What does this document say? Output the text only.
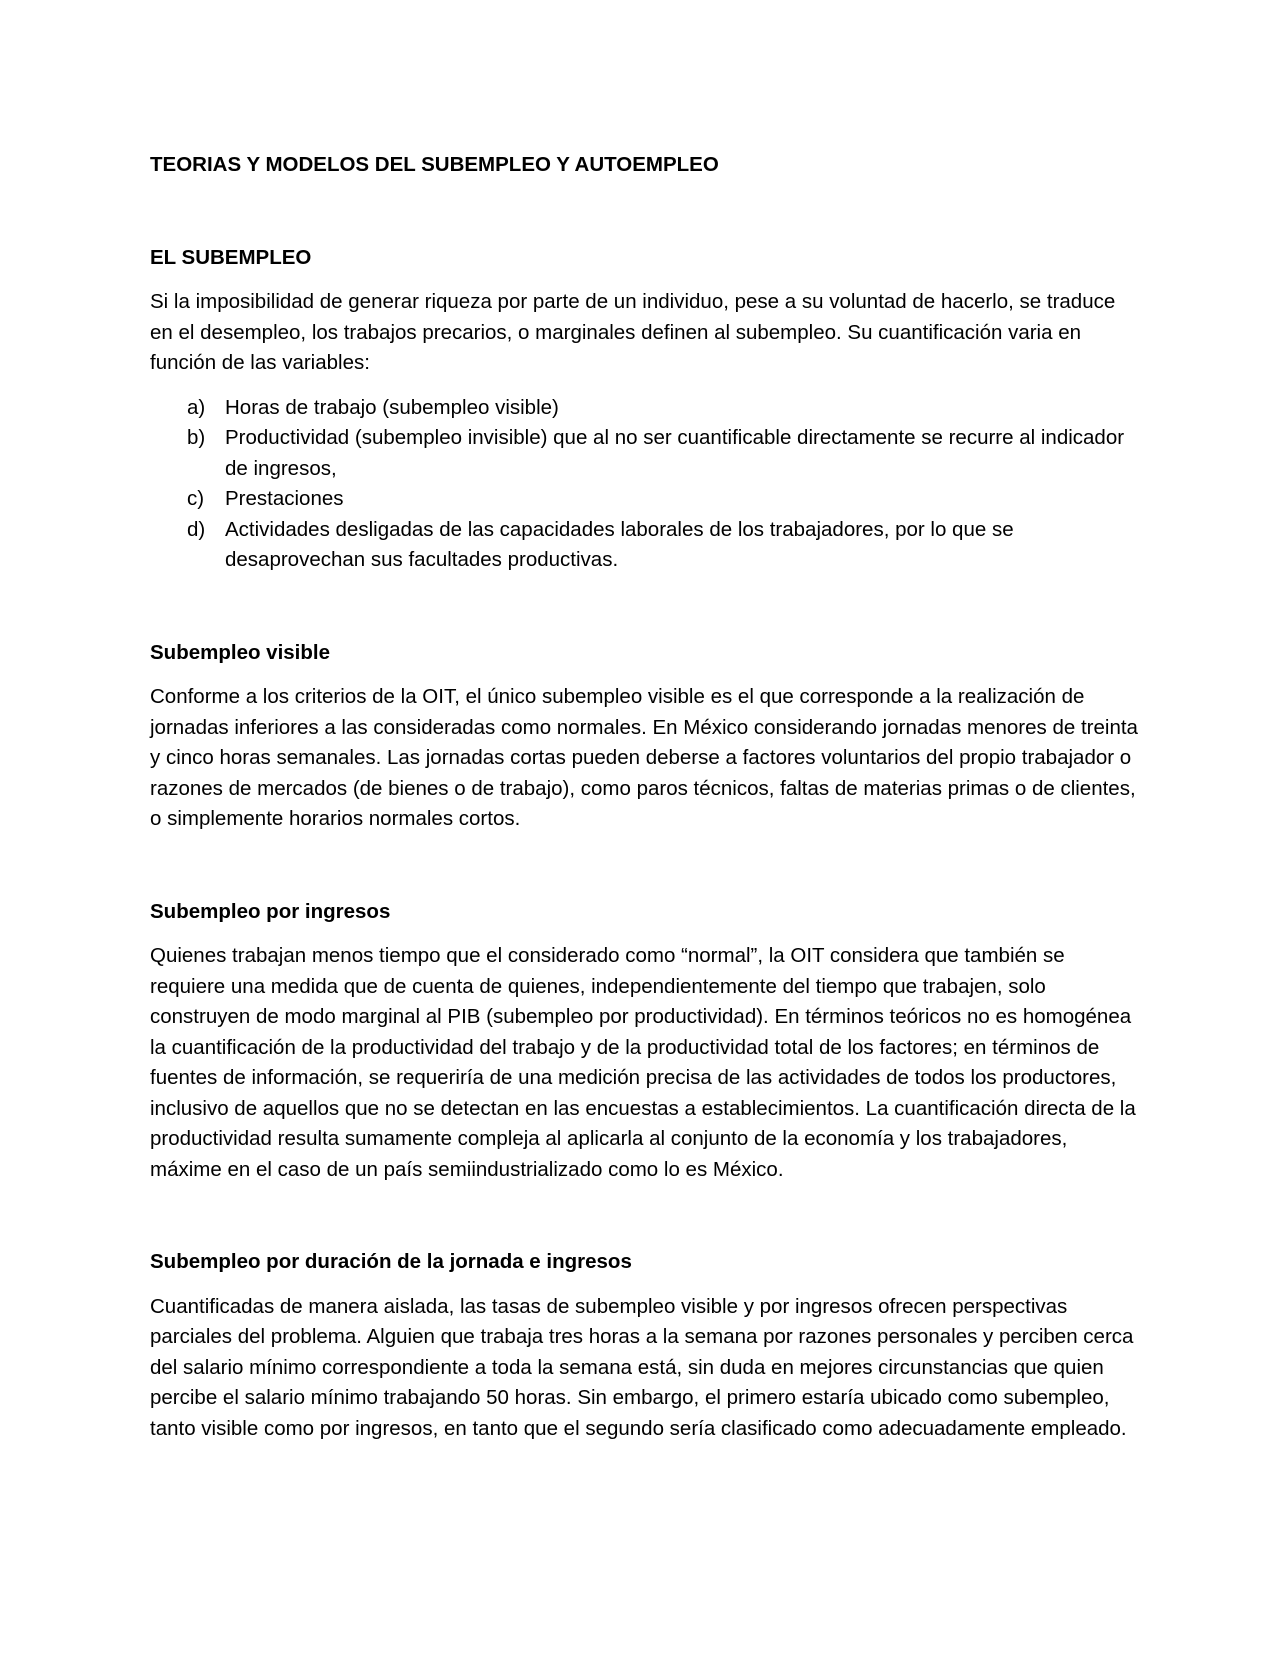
TEORIAS Y MODELOS DEL SUBEMPLEO Y AUTOEMPLEO

EL SUBEMPLEO

Si la imposibilidad de generar riqueza por parte de un individuo, pese a su voluntad de hacerlo, se traduce en el desempleo, los trabajos precarios, o marginales definen al subempleo. Su cuantificación varia en función de las variables:

a) Horas de trabajo (subempleo visible)
b) Productividad (subempleo invisible) que al no ser cuantificable directamente se recurre al indicador de ingresos,
c)	Prestaciones
d) Actividades desligadas de las capacidades laborales de los trabajadores, por lo que se desaprovechan sus facultades productivas.

Subempleo visible

Conforme a los criterios de la OIT, el único subempleo visible es el que corresponde a la realización de jornadas inferiores a las consideradas como normales. En México considerando jornadas menores de treinta y cinco horas semanales. Las jornadas cortas pueden deberse a factores voluntarios del propio trabajador o razones de mercados (de bienes o de trabajo), como paros técnicos, faltas de materias primas o de clientes, o simplemente horarios normales cortos.

Subempleo por ingresos

Quienes trabajan menos tiempo que el considerado como “normal”, la OIT considera que también se requiere una medida que de cuenta de quienes, independientemente del tiempo que trabajen, solo construyen de modo marginal al PIB (subempleo por productividad). En términos teóricos no es homogénea la cuantificación de la productividad del trabajo y de la productividad total de los factores; en términos de fuentes de información, se requeriría de una medición precisa de las actividades de todos los productores, inclusivo de aquellos que no se detectan en las encuestas a establecimientos. La cuantificación directa de la productividad resulta sumamente compleja al aplicarla al conjunto de la economía y los trabajadores, máxime en el caso de un país semiindustrializado como lo es México.

Subempleo por duración de la jornada e ingresos

Cuantificadas de manera aislada, las tasas de subempleo visible y por ingresos ofrecen perspectivas parciales del problema. Alguien que trabaja tres horas a la semana por razones personales y perciben cerca del salario mínimo correspondiente a toda la semana está, sin duda en mejores circunstancias que quien percibe el salario mínimo trabajando 50 horas. Sin embargo, el primero estaría ubicado como subempleo, tanto visible como por ingresos, en tanto que el segundo sería clasificado como adecuadamente empleado.
